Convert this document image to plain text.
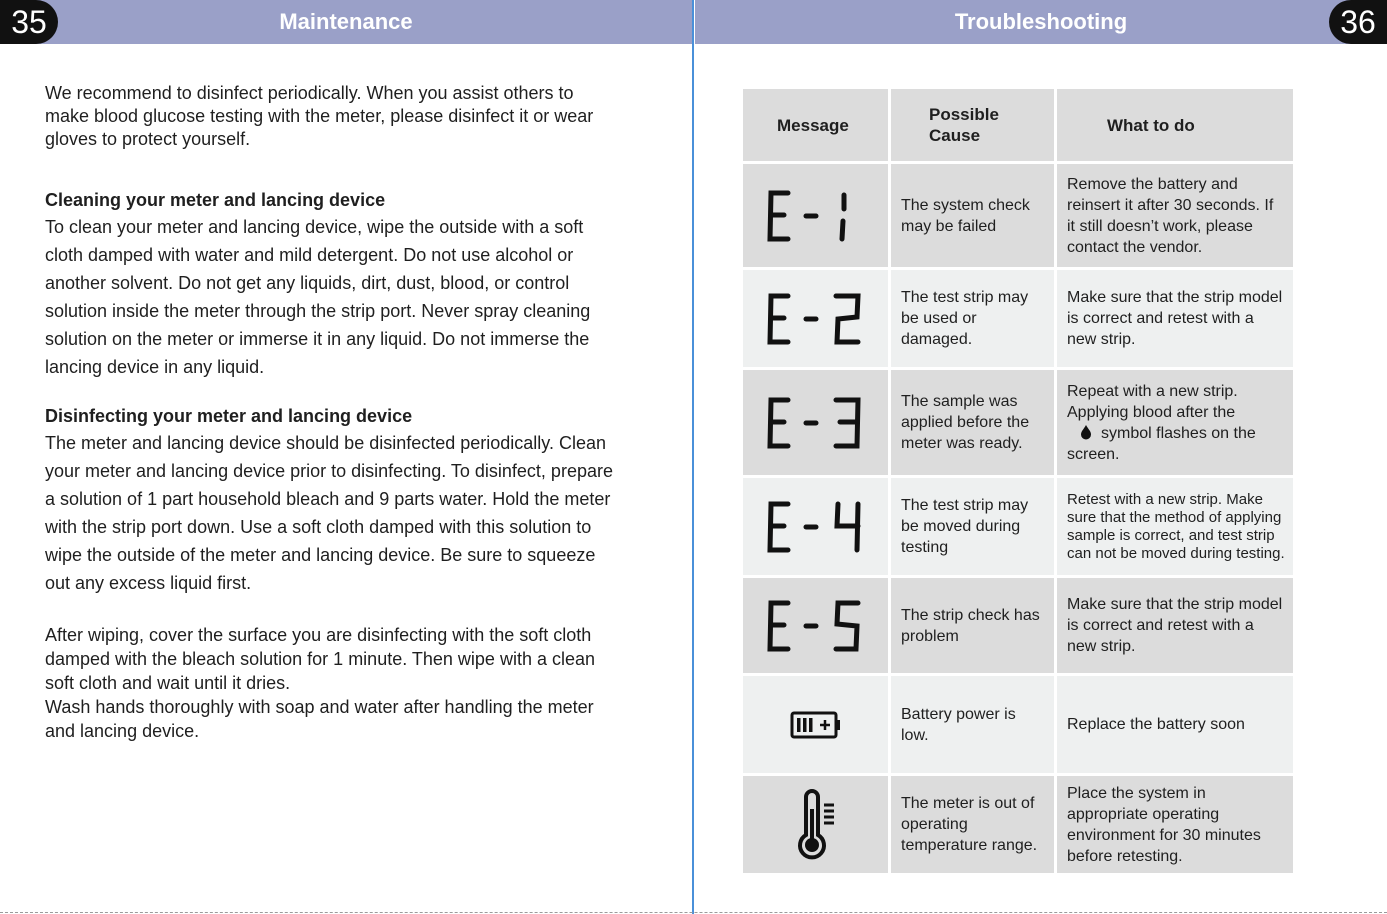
Maintenance	Troubleshooting
35	36

We recommend to disinfect periodically. When you assist others to make blood glucose testing with the meter, please disinfect it or wear gloves to protect yourself.

Cleaning your meter and lancing device

To clean your meter and lancing device, wipe the outside with a soft cloth damped with water and mild detergent. Do not use alcohol or another solvent. Do not get any liquids, dirt, dust, blood, or control solution inside the meter through the strip port. Never spray cleaning solution on the meter or immerse it in any liquid. Do not immerse the lancing device in any liquid.

Disinfecting your meter and lancing device

The meter and lancing device should be disinfected periodically. Clean your meter and lancing device prior to disinfecting. To disinfect, prepare a solution of 1 part household bleach and 9 parts water. Hold the meter with the strip port down. Use a soft cloth damped with this solution to wipe the outside of the meter and lancing device. Be sure to squeeze out any excess liquid first.

After wiping, cover the surface you are disinfecting with the soft cloth damped with the bleach solution for 1 minute. Then wipe with a clean soft cloth and wait until it dries.

Wash hands thoroughly with soap and water after handling the meter and lancing device.

Message	Possible Cause	What to do

	The system check may be failed	Remove the battery and reinsert it after 30 seconds. If it still doesn’t work, please contact the vendor.

	The test strip may be used or damaged.	Make sure that the strip model is correct and retest with a new strip.

	The sample was applied before the meter was ready.	Repeat with a new strip. Applying blood after the
symbol flashes on the screen.

	The test strip may be moved during testing	Retest with a new strip. Make sure that the method of applying sample is correct, and test strip can not be moved during testing.

	The strip check has problem	Make sure that the strip model is correct and retest with a new strip.

	Battery power is low.	Replace the battery soon

	The meter is out of operating temperature range.	Place the system in appropriate operating environment for 30 minutes before retesting.
